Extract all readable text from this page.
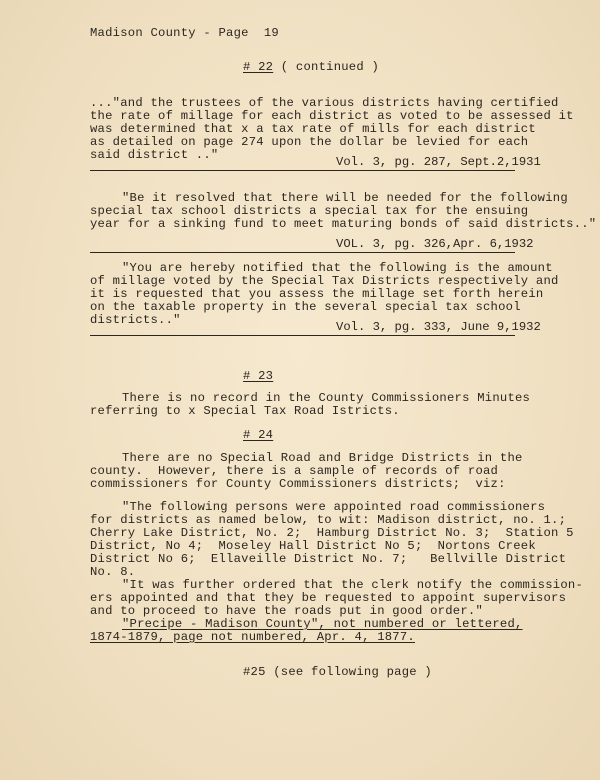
Madison County - Page  19
# 22 ( continued )
..."and the trustees of the various districts having certified
the rate of millage for each district as voted to be assessed it
was determined that x a tax rate of mills for each district
as detailed on page 274 upon the dollar be levied for each
said district .."	Vol. 3, pg. 287, Sept.2,1931
"Be it resolved that there will be needed for the following
special tax school districts a special tax for the ensuing
year for a sinking fund to meet maturing bonds of said districts.."
VOL. 3, pg. 326,Apr. 6,1932
"You are hereby notified that the following is the amount
of millage voted by the Special Tax Districts respectively and
it is requested that you assess the millage set forth herein
on the taxable property in the several special tax school
districts.."	Vol. 3, pg. 333, June 9,1932
# 23
There is no record in the County Commissioners Minutes
referring to x Special Tax Road Istricts.
# 24
There are no Special Road and Bridge Districts in the
county.  However, there is a sample of records of road
commissioners for County Commissioners districts;  viz:
"The following persons were appointed road commissioners
for districts as named below, to wit: Madison district, no. 1.;
Cherry Lake District, No. 2;  Hamburg District No. 3;  Station 5
District, No 4;  Moseley Hall District No 5;  Nortons Creek
District No 6;  Ellaveille District No. 7;   Bellville District
No. 8.
"It was further ordered that the clerk notify the commission-
ers appointed and that they be requested to appoint supervisors
and to proceed to have the roads put in good order."
"Precipe - Madison County", not numbered or lettered,
1874-1879, page not numbered, Apr. 4, 1877.
#25 (see following page )
